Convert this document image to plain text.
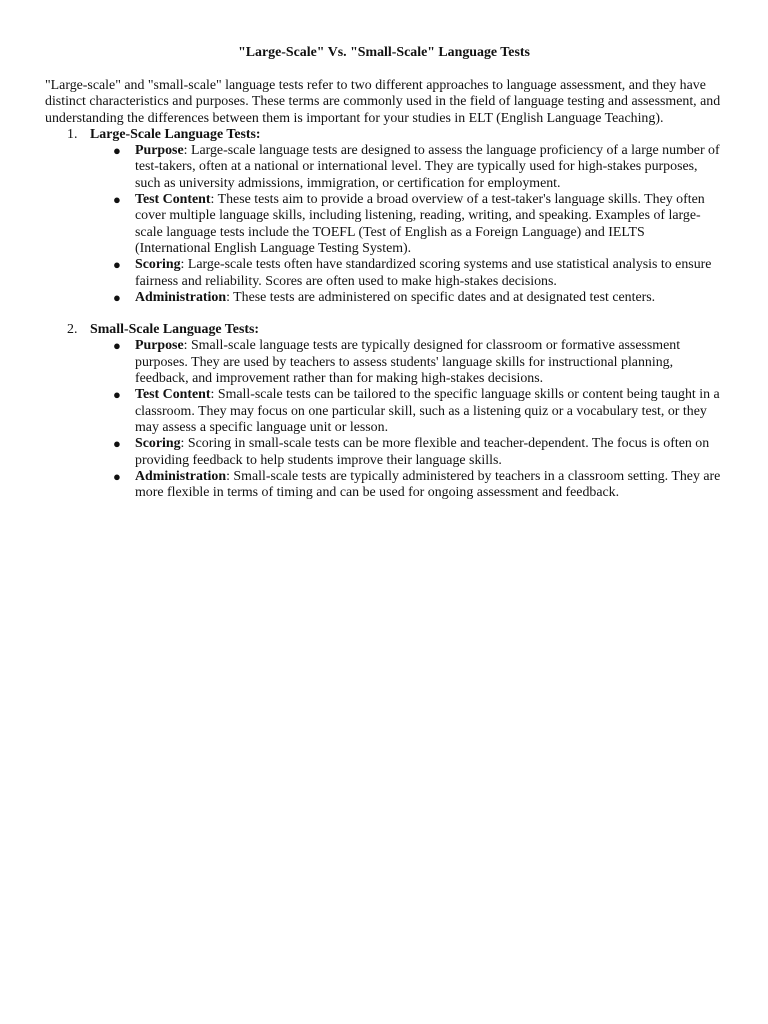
"Large-Scale" Vs. "Small-Scale" Language Tests

"Large-scale" and "small-scale" language tests refer to two different approaches to language assessment, and they have distinct characteristics and purposes. These terms are commonly used in the field of language testing and assessment, and understanding the differences between them is important for your studies in ELT (English Language Teaching).

1. Large-Scale Language Tests:
● Purpose: Large-scale language tests are designed to assess the language proficiency of a large number of test-takers, often at a national or international level. They are typically used for high-stakes purposes, such as university admissions, immigration, or certification for employment.
● Test Content: These tests aim to provide a broad overview of a test-taker's language skills. They often cover multiple language skills, including listening, reading, writing, and speaking. Examples of large-scale language tests include the TOEFL (Test of English as a Foreign Language) and IELTS (International English Language Testing System).
● Scoring: Large-scale tests often have standardized scoring systems and use statistical analysis to ensure fairness and reliability. Scores are often used to make high-stakes decisions.
● Administration: These tests are administered on specific dates and at designated test centers.
2. Small-Scale Language Tests:
● Purpose: Small-scale language tests are typically designed for classroom or formative assessment purposes. They are used by teachers to assess students' language skills for instructional planning, feedback, and improvement rather than for making high-stakes decisions.
● Test Content: Small-scale tests can be tailored to the specific language skills or content being taught in a classroom. They may focus on one particular skill, such as a listening quiz or a vocabulary test, or they may assess a specific language unit or lesson.
● Scoring: Scoring in small-scale tests can be more flexible and teacher-dependent. The focus is often on providing feedback to help students improve their language skills.
● Administration: Small-scale tests are typically administered by teachers in a classroom setting. They are more flexible in terms of timing and can be used for ongoing assessment and feedback.
